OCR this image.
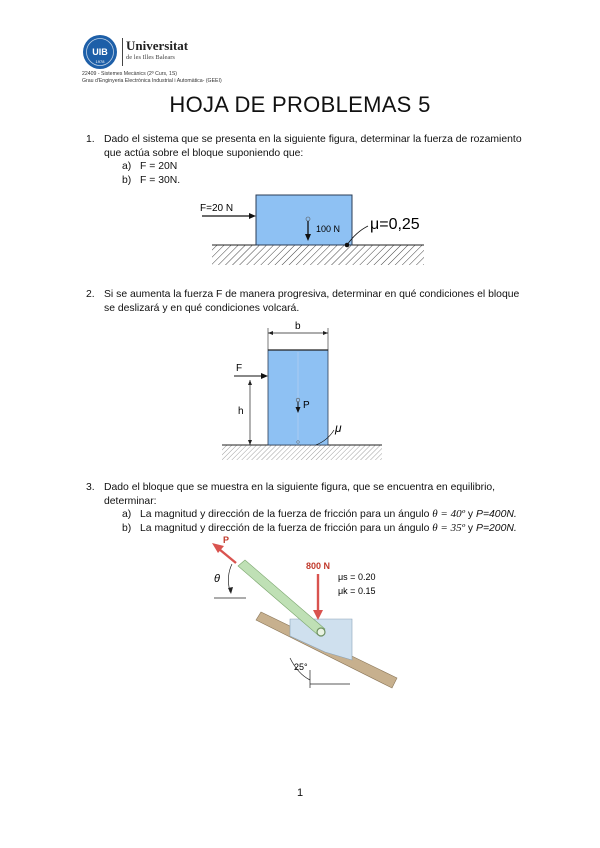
UIB
1978
Universitat
de les Illes Balears
22409 - Sistemes Mecànics (2º Curs, 1S)
Grau d'Enginyeria Electrònica Industrial i Automàtica- (GEEI)
HOJA DE PROBLEMAS 5
1. Dado el sistema que se presenta en la siguiente figura, determinar la fuerza de rozamiento
que actúa sobre el bloque suponiendo que:
a) F = 20N
b) F = 30N.
F=20 N
100 N μ=0,25
2. Si se aumenta la fuerza F de manera progresiva, determinar en qué condiciones el bloque
se deslizará y en qué condiciones volcará.
b
F
h
P
μ
3. Dado el bloque que se muestra en la siguiente figura, que se encuentra en equilibrio,
determinar:
a) La magnitud y dirección de la fuerza de fricción para un ángulo θ = 40º y P=400N.
b) La magnitud y dirección de la fuerza de fricción para un ángulo θ = 35º y P=200N.
θ
P
800 N
μs = 0.20
μk = 0.15
25°
1
